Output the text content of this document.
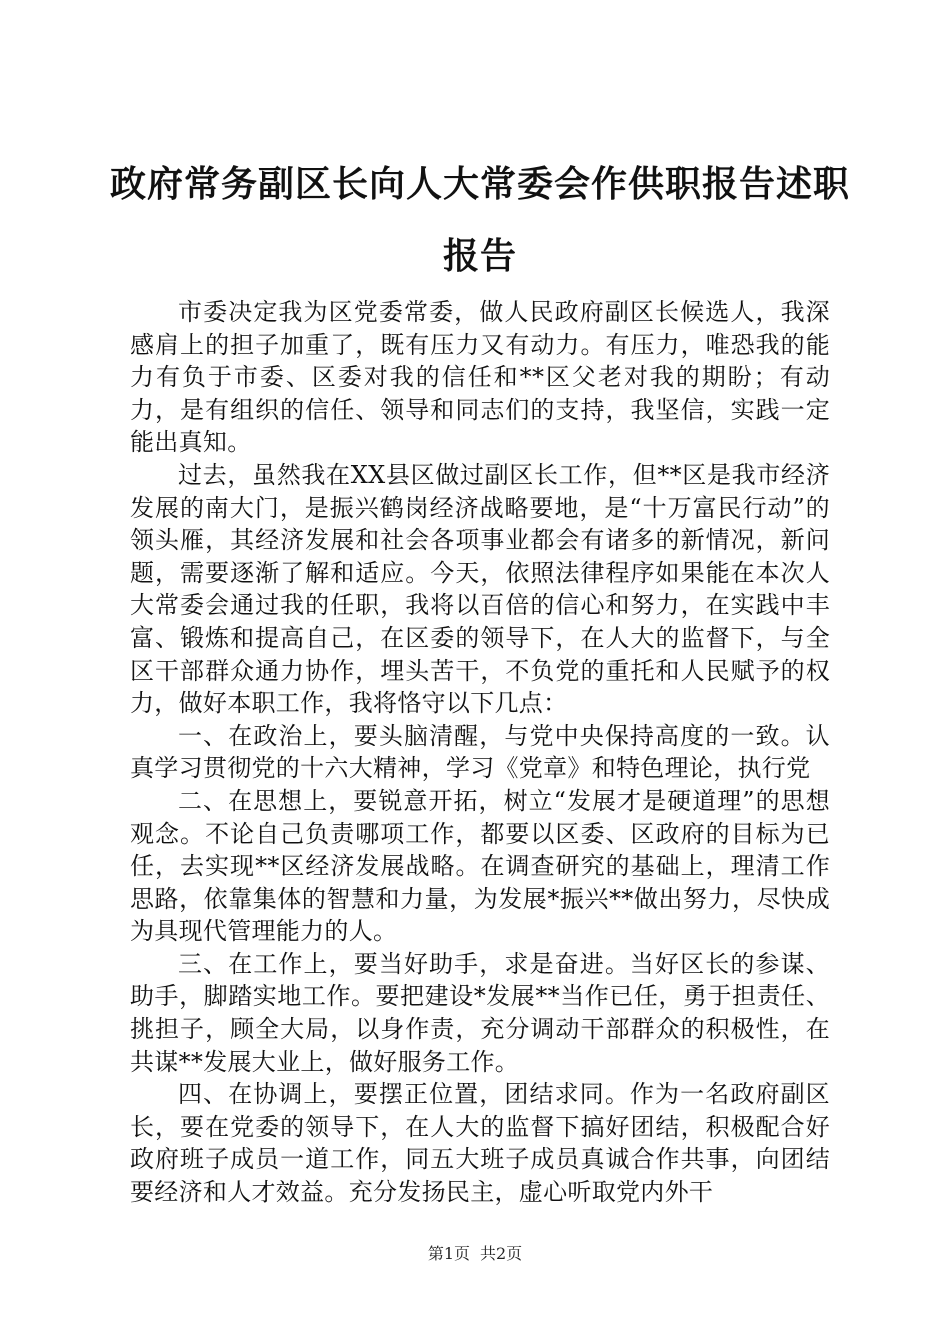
政府常务副区长向人大常委会作供职报告述职报告

市委决定我为区党委常委，做人民政府副区长候选人，我深感肩上的担子加重了，既有压力又有动力。有压力，唯恐我的能力有负于市委、区委对我的信任和**区父老对我的期盼；有动力，是有组织的信任、领导和同志们的支持，我坚信，实践一定能出真知。

过去，虽然我在XX县区做过副区长工作，但**区是我市经济发展的南大门，是振兴鹤岗经济战略要地，是“十万富民行动”的领头雁，其经济发展和社会各项事业都会有诸多的新情况，新问题，需要逐渐了解和适应。今天，依照法律程序如果能在本次人大常委会通过我的任职，我将以百倍的信心和努力，在实践中丰富、锻炼和提高自己，在区委的领导下，在人大的监督下，与全区干部群众通力协作，埋头苦干，不负党的重托和人民赋予的权力，做好本职工作，我将恪守以下几点：

一、在政治上，要头脑清醒，与党中央保持高度的一致。认真学习贯彻党的十六大精神，学习《党章》和特色理论，执行党

二、在思想上，要锐意开拓，树立“发展才是硬道理”的思想观念。不论自己负责哪项工作，都要以区委、区政府的目标为已任，去实现**区经济发展战略。在调查研究的基础上，理清工作思路，依靠集体的智慧和力量，为发展*振兴**做出努力，尽快成为具现代管理能力的人。

三、在工作上，要当好助手，求是奋进。当好区长的参谋、助手，脚踏实地工作。要把建设*发展**当作已任，勇于担责任、挑担子，顾全大局，以身作责，充分调动干部群众的积极性，在共谋**发展大业上，做好服务工作。

四、在协调上，要摆正位置，团结求同。作为一名政府副区长，要在党委的领导下，在人大的监督下搞好团结，积极配合好政府班子成员一道工作，同五大班子成员真诚合作共事，向团结要经济和人才效益。充分发扬民主，虚心听取党内外干

第1页 共2页
